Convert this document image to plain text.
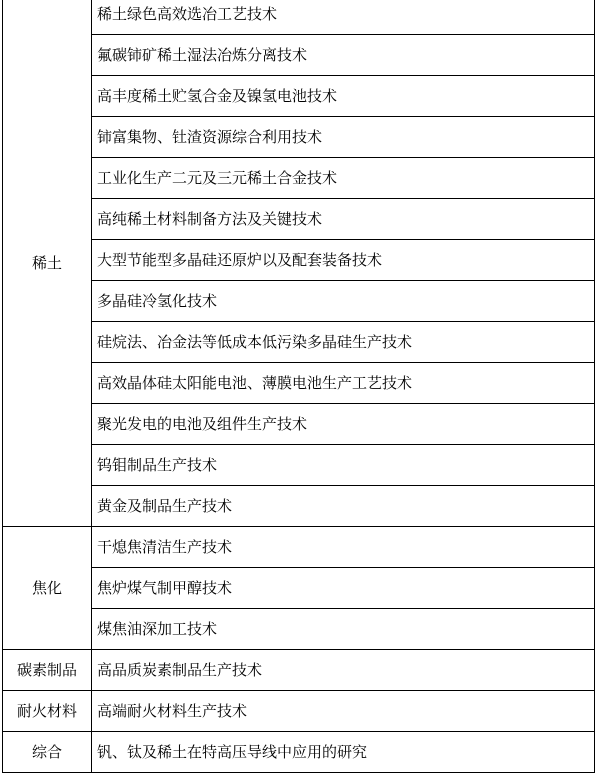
稀土	稀土绿色高效选冶工艺技术
	氟碳铈矿稀土湿法冶炼分离技术
	高丰度稀土贮氢合金及镍氢电池技术
	铈富集物、钍渣资源综合利用技术
	工业化生产二元及三元稀土合金技术
	高纯稀土材料制备方法及关键技术
	大型节能型多晶硅还原炉以及配套装备技术
	多晶硅冷氢化技术
	硅烷法、冶金法等低成本低污染多晶硅生产技术
	高效晶体硅太阳能电池、薄膜电池生产工艺技术
	聚光发电的电池及组件生产技术
	钨钼制品生产技术
	黄金及制品生产技术
焦化	干熄焦清洁生产技术
	焦炉煤气制甲醇技术
	煤焦油深加工技术
碳素制品	高品质炭素制品生产技术
耐火材料	高端耐火材料生产技术
综合	钒、钛及稀土在特高压导线中应用的研究
